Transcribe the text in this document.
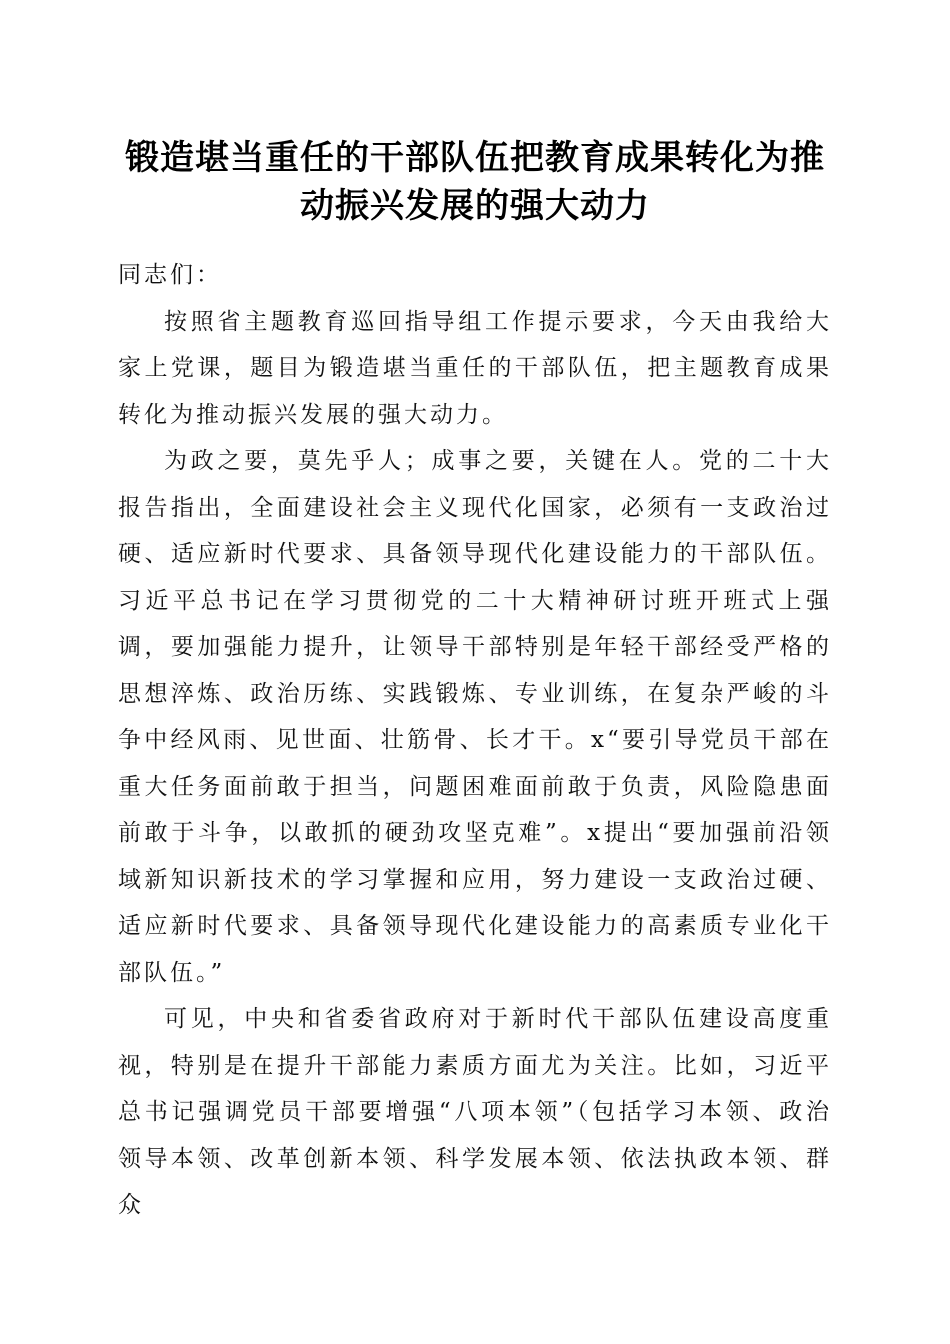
锻造堪当重任的干部队伍把教育成果转化为推动振兴发展的强大动力

同志们：

按照省主题教育巡回指导组工作提示要求，今天由我给大家上党课，题目为锻造堪当重任的干部队伍，把主题教育成果转化为推动振兴发展的强大动力。

为政之要，莫先乎人；成事之要，关键在人。党的二十大报告指出，全面建设社会主义现代化国家，必须有一支政治过硬、适应新时代要求、具备领导现代化建设能力的干部队伍。习近平总书记在学习贯彻党的二十大精神研讨班开班式上强调，要加强能力提升，让领导干部特别是年轻干部经受严格的思想淬炼、政治历练、实践锻炼、专业训练，在复杂严峻的斗争中经风雨、见世面、壮筋骨、长才干。x“要引导党员干部在重大任务面前敢于担当，问题困难面前敢于负责，风险隐患面前敢于斗争，以敢抓的硬劲攻坚克难”。x提出“要加强前沿领域新知识新技术的学习掌握和应用，努力建设一支政治过硬、适应新时代要求、具备领导现代化建设能力的高素质专业化干部队伍。”

可见，中央和省委省政府对于新时代干部队伍建设高度重视，特别是在提升干部能力素质方面尤为关注。比如，习近平总书记强调党员干部要增强“八项本领”（包括学习本领、政治领导本领、改革创新本领、科学发展本领、依法执政本领、群众
